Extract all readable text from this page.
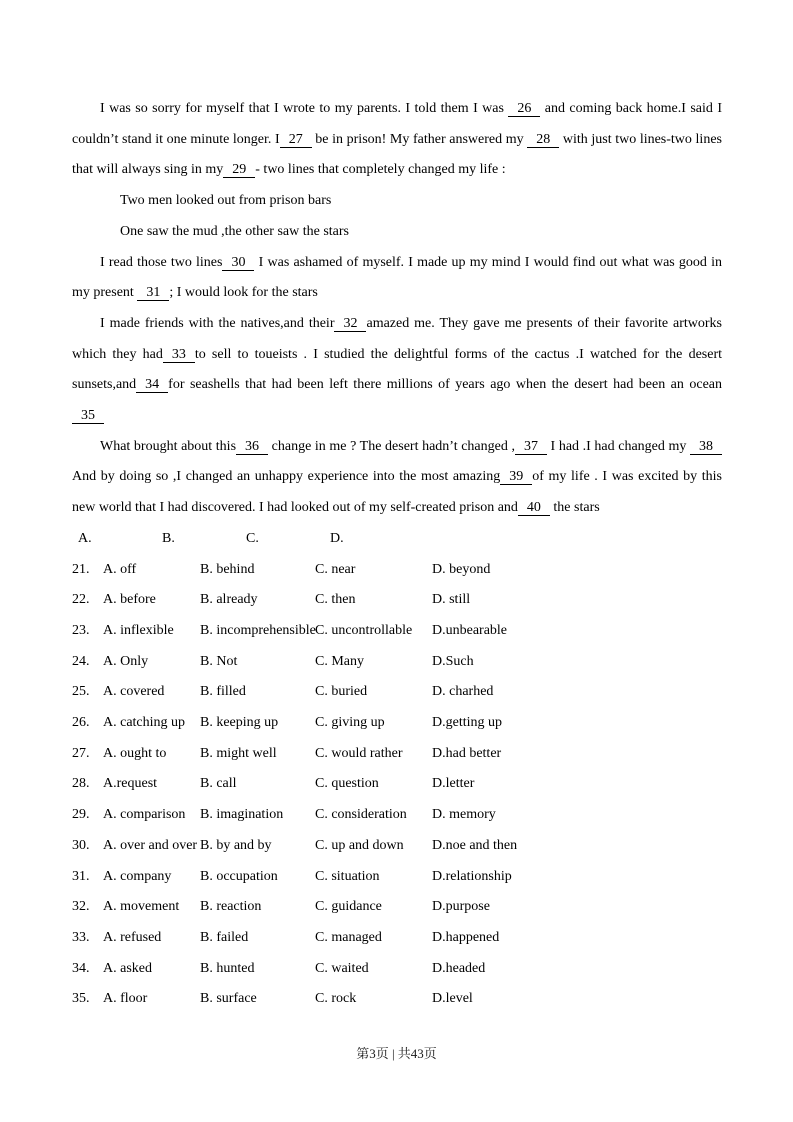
I was so sorry for myself that I wrote to my parents. I told them I was 26 and coming back home.I said I couldn’t stand it one minute longer. I 27 be in prison! My father answered my 28 with just two lines-two lines that will always sing in my 29 - two lines that completely changed my life :

Two men looked out from prison bars

One saw the mud ,the other saw the stars

I read those two lines 30 I was ashamed of myself. I made up my mind I would find out what was good in my present 31 ; I would look for the stars

I made friends with the natives,and their 32 amazed me. They gave me presents of their favorite artworks which they had 33 to sell to toueists . I studied the delightful forms of the cactus .I watched for the desert sunsets,and 34 for seashells that had been left there millions of years ago when the desert had been an ocean 35

What brought about this 36 change in me ? The desert hadn’t changed , 37 I had .I had changed my 38 And by doing so ,I changed an unhappy experience into the most amazing 39 of my life . I was excited by this new world that I had discovered. I had looked out of my self-created prison and 40 the stars

A.	B.	C.	D.
21. A. off	B. behind	C. near	D. beyond
22. A. before	B. already	C. then	D. still
23. A. inflexible	B. incomprehensible C. uncontrollable	D.unbearable
24. A. Only	B. Not	C. Many	D.Such
25. A. covered	B. filled	C. buried	D. charhed
26. A. catching up	B. keeping up	C. giving up	D.getting up
27. A. ought to	B. might well	C. would rather	D.had better
28. A.request	B. call	C. question	D.letter
29. A. comparison	B. imagination	C. consideration	D. memory
30. A. over and over B. by and by	C. up and down	D.noe and then
31. A. company	B. occupation	C. situation	D.relationship
32. A. movement	B. reaction	C. guidance	D.purpose
33. A. refused	B. failed	C. managed	D.happened
34. A. asked	B. hunted	C. waited	D.headed
35. A. floor	B. surface	C. rock	D.level
第3页 | 共43页
